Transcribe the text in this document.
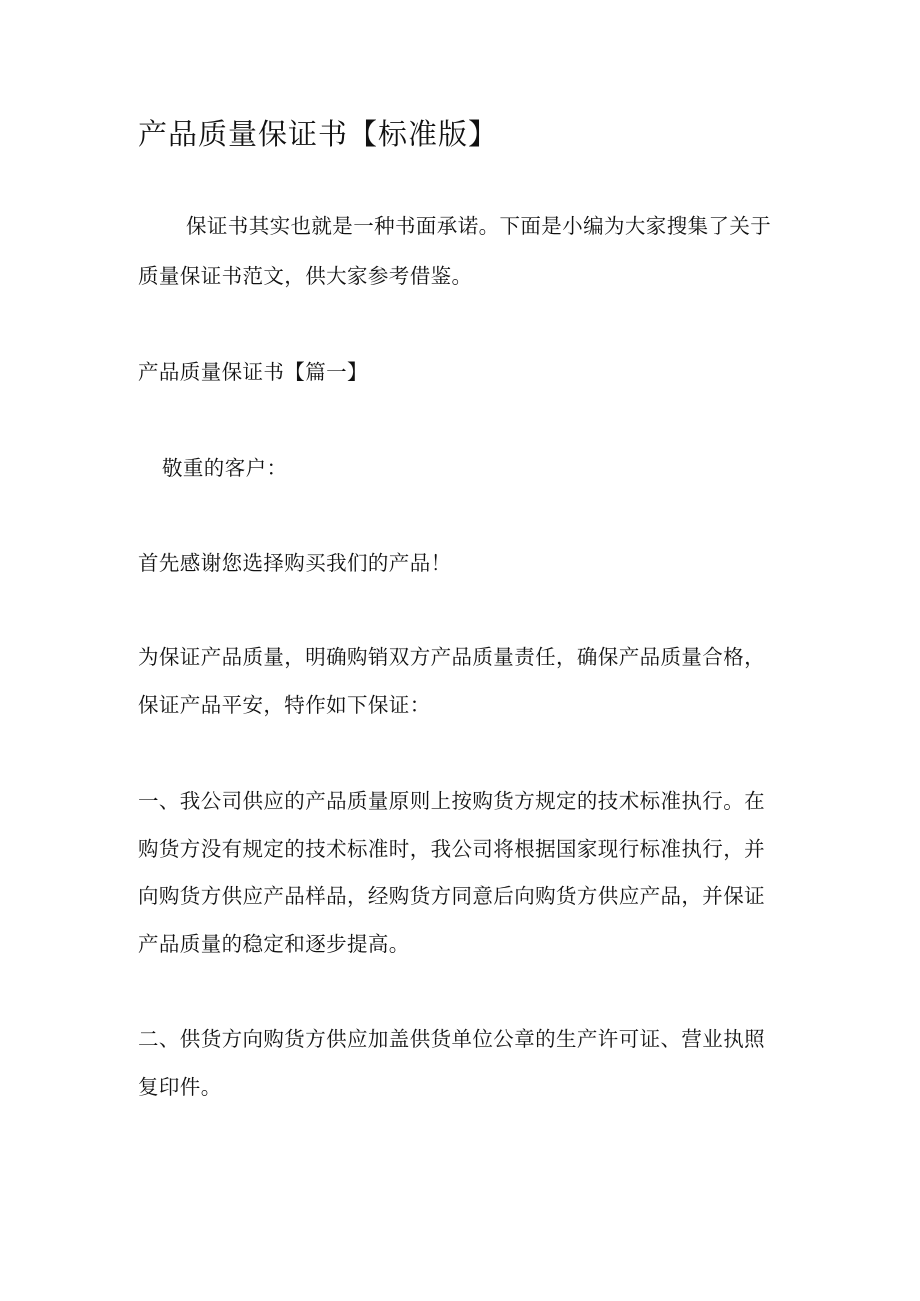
产品质量保证书【标准版】
保证书其实也就是一种书面承诺。下面是小编为大家搜集了关于
质量保证书范文，供大家参考借鉴。
产品质量保证书【篇一】
敬重的客户：
首先感谢您选择购买我们的产品！
为保证产品质量，明确购销双方产品质量责任，确保产品质量合格，
保证产品平安，特作如下保证：
一、我公司供应的产品质量原则上按购货方规定的技术标准执行。在
购货方没有规定的技术标准时，我公司将根据国家现行标准执行，并
向购货方供应产品样品，经购货方同意后向购货方供应产品，并保证
产品质量的稳定和逐步提高。
二、供货方向购货方供应加盖供货单位公章的生产许可证、营业执照
复印件。
